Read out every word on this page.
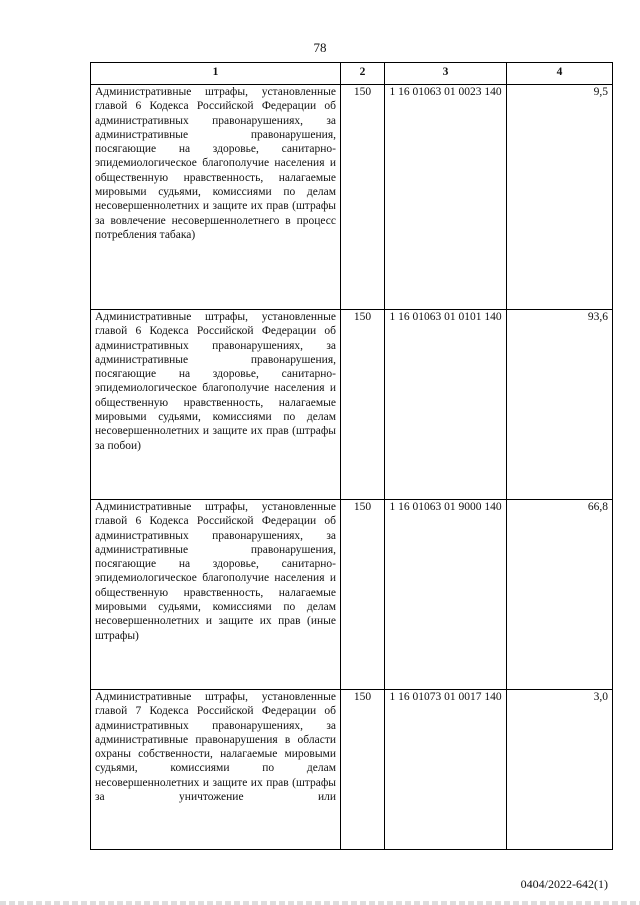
78
1	2	3	4
Административные штрафы, установленные главой 6 Кодекса Российской Федерации об административных правонарушениях, за административные правонарушения, посягающие на здоровье, санитарно-эпидемиологическое благополучие населения и общественную нравственность, налагаемые мировыми судьями, комиссиями по делам несовершеннолетних и защите их прав (штрафы за вовлечение несовершеннолетнего в процесс потребления табака)	150	1 16 01063 01 0023 140	9,5
Административные штрафы, установленные главой 6 Кодекса Российской Федерации об административных правонарушениях, за административные правонарушения, посягающие на здоровье, санитарно-эпидемиологическое благополучие населения и общественную нравственность, налагаемые мировыми судьями, комиссиями по делам несовершеннолетних и защите их прав (штрафы за побои)	150	1 16 01063 01 0101 140	93,6
Административные штрафы, установленные главой 6 Кодекса Российской Федерации об административных правонарушениях, за административные правонарушения, посягающие на здоровье, санитарно-эпидемиологическое благополучие населения и общественную нравственность, налагаемые мировыми судьями, комиссиями по делам несовершеннолетних и защите их прав (иные штрафы)	150	1 16 01063 01 9000 140	66,8
Административные штрафы, установленные главой 7 Кодекса Российской Федерации об административных правонарушениях, за административные правонарушения в области охраны собственности, налагаемые мировыми судьями, комиссиями по делам несовершеннолетних и защите их прав (штрафы за уничтожение или	150	1 16 01073 01 0017 140	3,0
0404/2022-642(1)
